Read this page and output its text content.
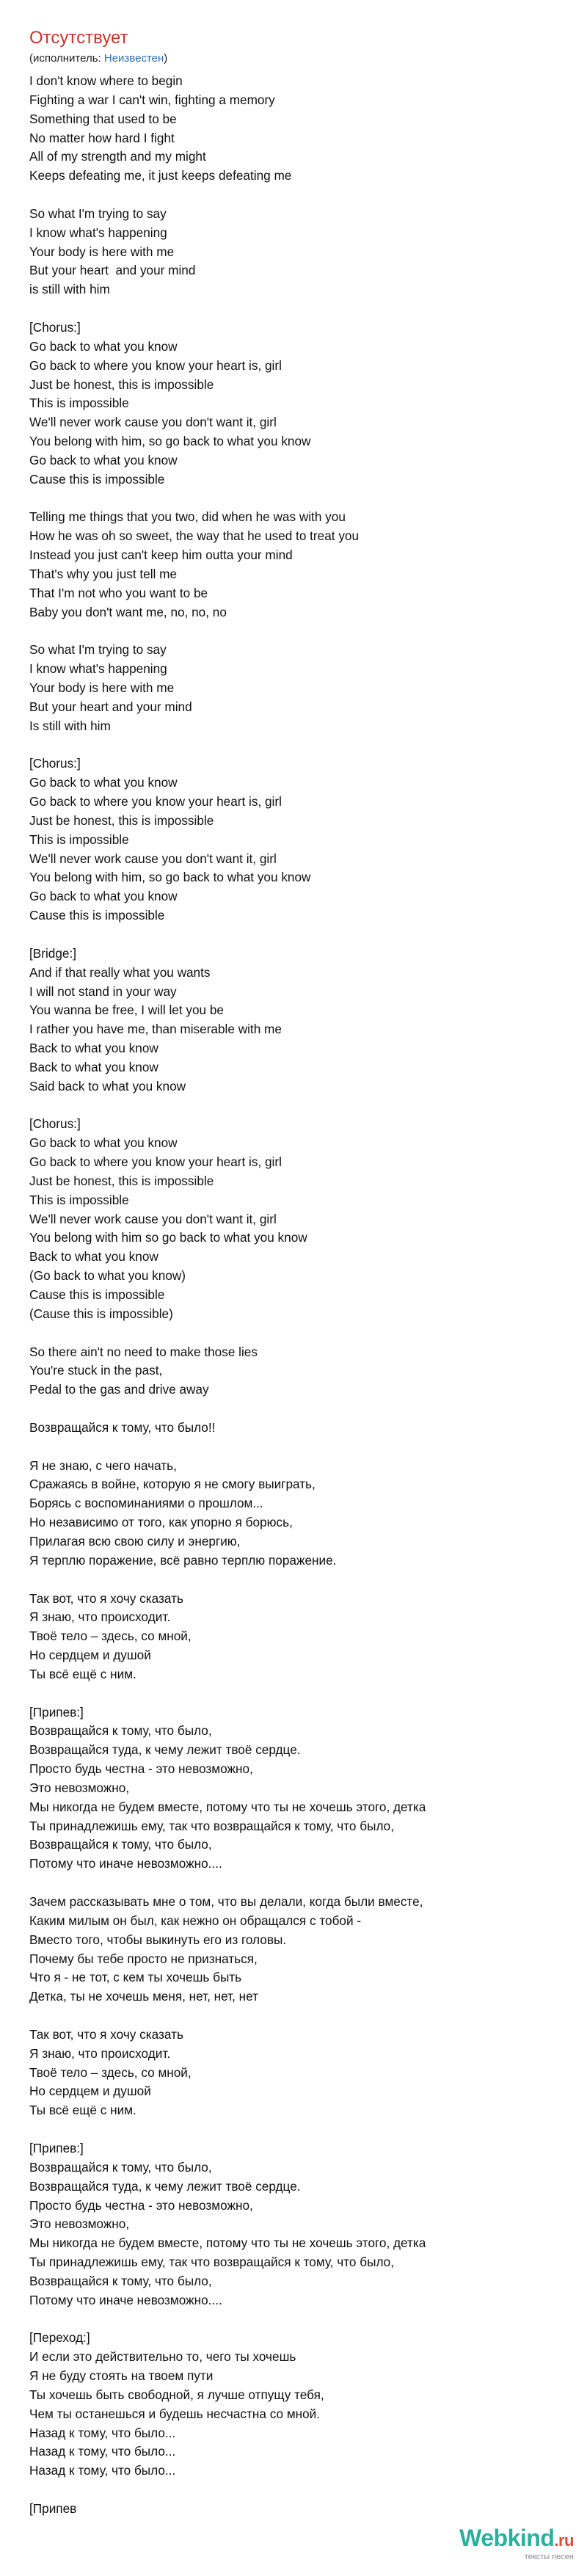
Отсутствует
(исполнитель: Неизвестен)
I don't know where to begin
Fighting a war I can't win, fighting a memory
Something that used to be
No matter how hard I fight
All of my strength and my might
Keeps defeating me, it just keeps defeating me
So what I'm trying to say
I know what's happening
Your body is here with me
But your heart  and your mind
is still with him
[Chorus:]
Go back to what you know
Go back to where you know your heart is, girl
Just be honest, this is impossible
This is impossible
We'll never work cause you don't want it, girl
You belong with him, so go back to what you know
Go back to what you know
Cause this is impossible
Telling me things that you two, did when he was with you
How he was oh so sweet, the way that he used to treat you
Instead you just can't keep him outta your mind
That's why you just tell me
That I'm not who you want to be
Baby you don't want me, no, no, no
So what I'm trying to say
I know what's happening
Your body is here with me
But your heart and your mind
Is still with him
[Chorus:]
Go back to what you know
Go back to where you know your heart is, girl
Just be honest, this is impossible
This is impossible
We'll never work cause you don't want it, girl
You belong with him, so go back to what you know
Go back to what you know
Cause this is impossible
[Bridge:]
And if that really what you wants
I will not stand in your way
You wanna be free, I will let you be
I rather you have me, than miserable with me
Back to what you know
Back to what you know
Said back to what you know
[Chorus:]
Go back to what you know
Go back to where you know your heart is, girl
Just be honest, this is impossible
This is impossible
We'll never work cause you don't want it, girl
You belong with him so go back to what you know
Back to what you know
(Go back to what you know)
Cause this is impossible
(Cause this is impossible)
So there ain't no need to make those lies
You're stuck in the past,
Pedal to the gas and drive away
Возвращайся к тому, что было!!
Я не знаю, с чего начать,
Сражаясь в войне, которую я не смогу выиграть,
Борясь с воспоминаниями о прошлом...
Но независимо от того, как упорно я борюсь,
Прилагая всю свою силу и энергию,
Я терплю поражение, всё равно терплю поражение.
Так вот, что я хочу сказать
Я знаю, что происходит.
Твоё тело – здесь, со мной,
Но сердцем и душой
Ты всё ещё с ним.
[Припев:]
Возвращайся к тому, что было,
Возвращайся туда, к чему лежит твоё сердце.
Просто будь честна - это невозможно,
Это невозможно,
Мы никогда не будем вместе, потому что ты не хочешь этого, детка
Ты принадлежишь ему, так что возвращайся к тому, что было,
Возвращайся к тому, что было,
Потому что иначе невозможно....
Зачем рассказывать мне о том, что вы делали, когда были вместе,
Каким милым он был, как нежно он обращался с тобой -
Вместо того, чтобы выкинуть его из головы.
Почему бы тебе просто не признаться,
Что я - не тот, с кем ты хочешь быть
Детка, ты не хочешь меня, нет, нет, нет
Так вот, что я хочу сказать
Я знаю, что происходит.
Твоё тело – здесь, со мной,
Но сердцем и душой
Ты всё ещё с ним.
[Припев:]
Возвращайся к тому, что было,
Возвращайся туда, к чему лежит твоё сердце.
Просто будь честна - это невозможно,
Это невозможно,
Мы никогда не будем вместе, потому что ты не хочешь этого, детка
Ты принадлежишь ему, так что возвращайся к тому, что было,
Возвращайся к тому, что было,
Потому что иначе невозможно....
[Переход:]
И если это действительно то, чего ты хочешь
Я не буду стоять на твоем пути
Ты хочешь быть свободной, я лучше отпущу тебя,
Чем ты останешься и будешь несчастна со мной.
Назад к тому, что было...
Назад к тому, что было...
Назад к тому, что было...
[Припев
Webkind.ru
тексты песен
